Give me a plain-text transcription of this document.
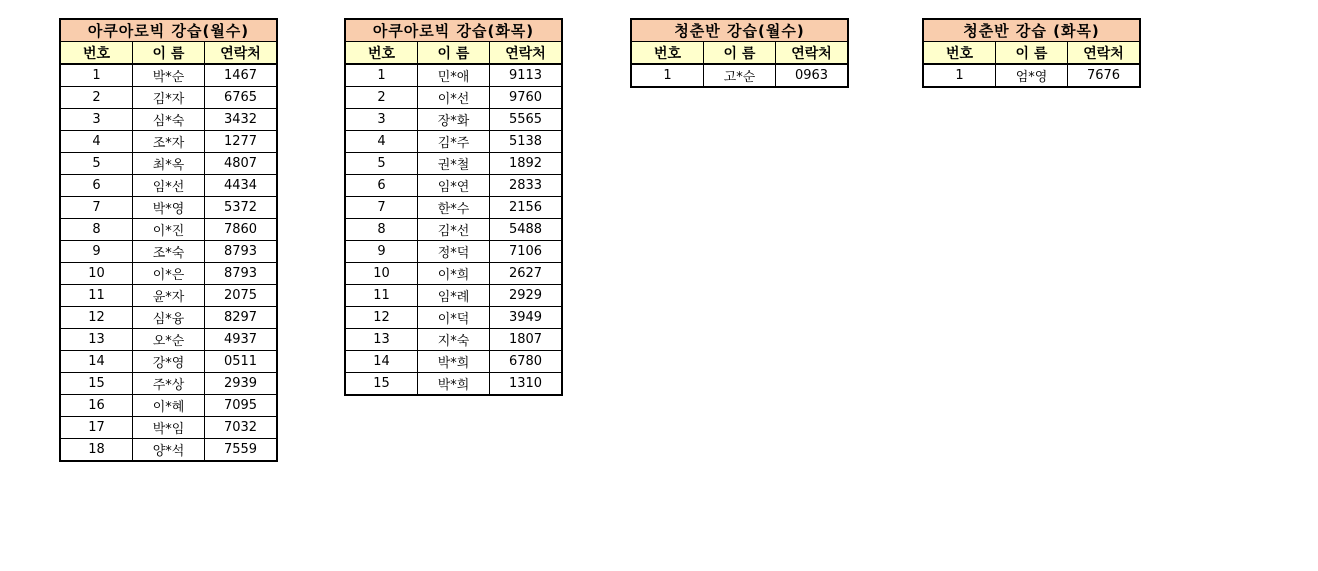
아쿠아로빅 강습(월수)		
번호	이 름	연락처
1	박*순	1467
2	김*자	6765
3	심*숙	3432
4	조*자	1277
5	최*옥	4807
6	임*선	4434
7	박*영	5372
8	이*진	7860
9	조*숙	8793
10	이*은	8793
11	윤*자	2075
12	심*융	8297
13	오*순	4937
14	강*영	0511
15	주*상	2939
16	이*혜	7095
17	박*임	7032
18	양*석	7559
아쿠아로빅 강습(화목)		
번호	이 름	연락처
1	민*애	9113
2	이*선	9760
3	장*화	5565
4	김*주	5138
5	권*철	1892
6	임*연	2833
7	한*수	2156
8	김*선	5488
9	정*덕	7106
10	이*희	2627
11	임*례	2929
12	이*덕	3949
13	지*숙	1807
14	박*희	6780
15	박*희	1310
청춘반 강습(월수)		
번호	이 름	연락처
1	고*순	0963
청춘반 강습 (화목)		
번호	이 름	연락처
1	엄*영	7676
